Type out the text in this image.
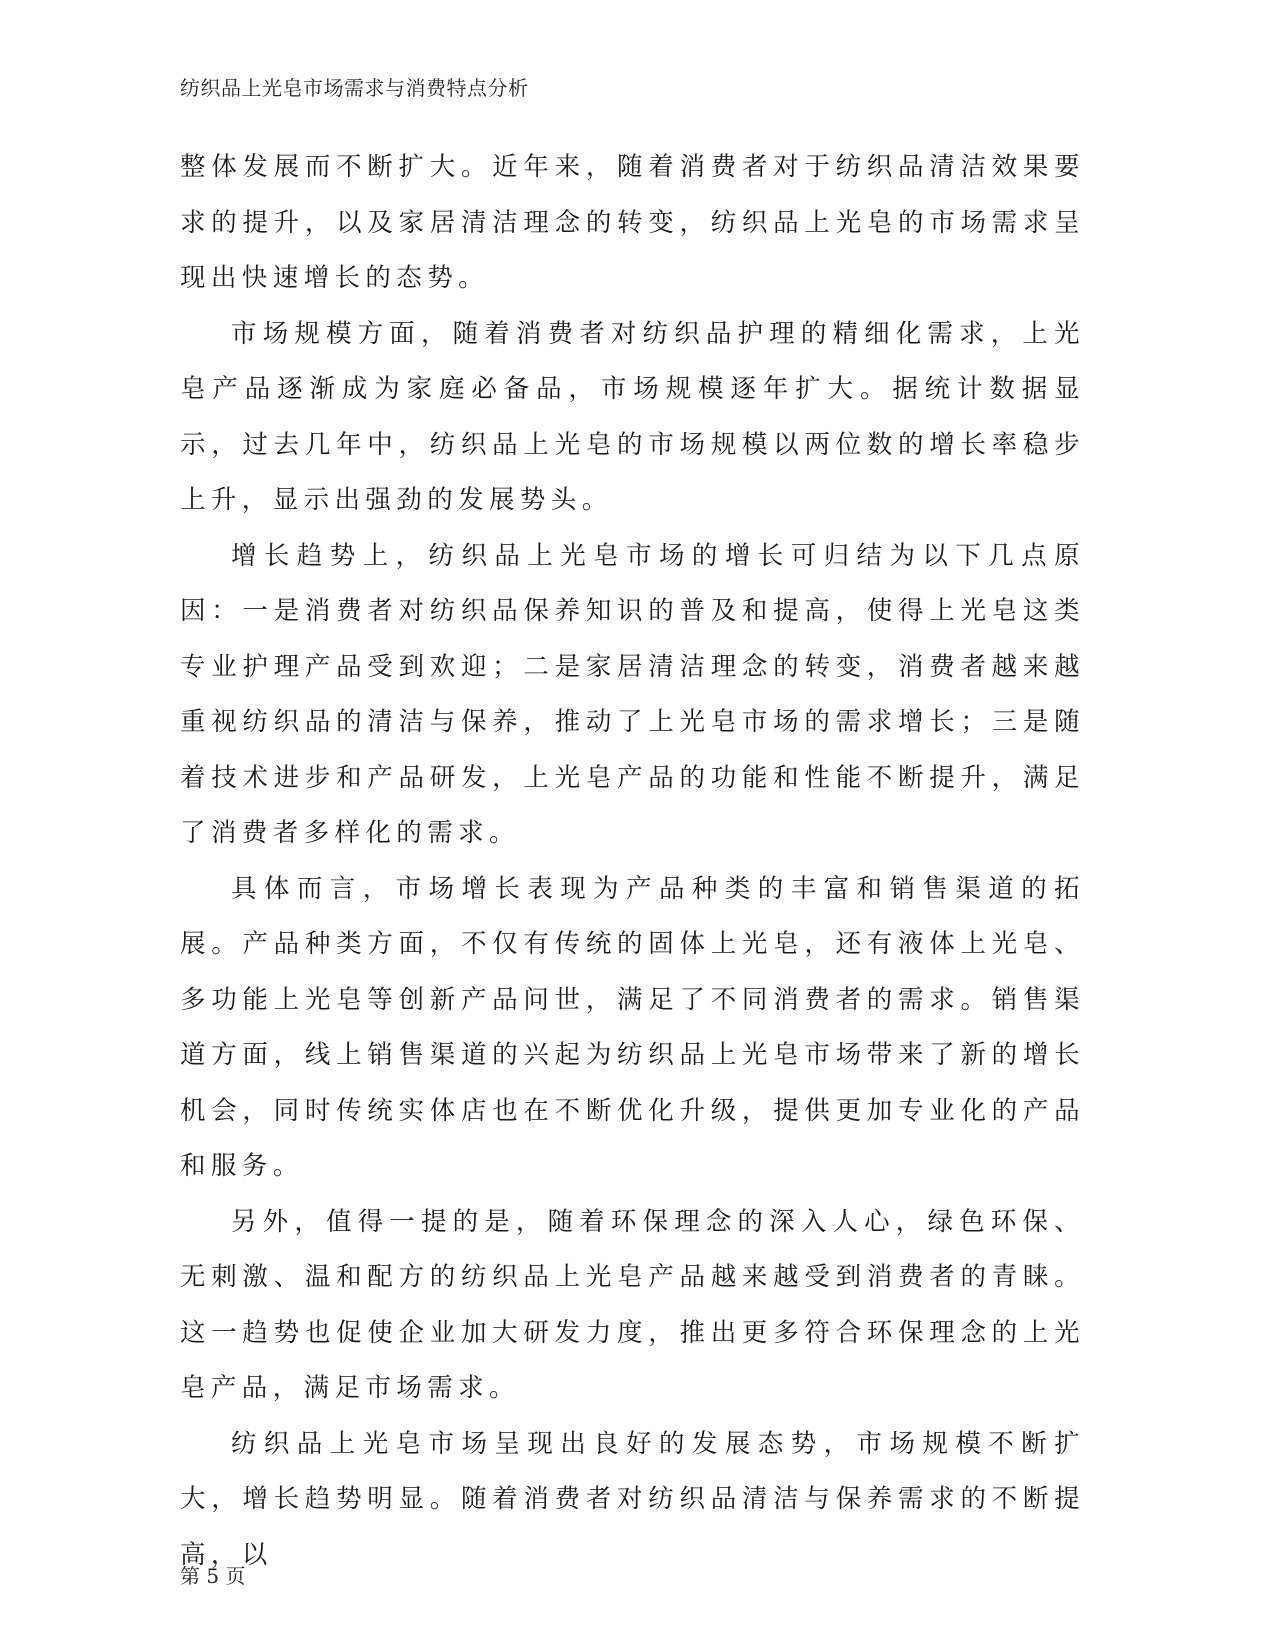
纺织品上光皂市场需求与消费特点分析

整体发展而不断扩大。近年来，随着消费者对于纺织品清洁效果要求的提升，以及家居清洁理念的转变，纺织品上光皂的市场需求呈现出快速增长的态势。

市场规模方面，随着消费者对纺织品护理的精细化需求，上光皂产品逐渐成为家庭必备品，市场规模逐年扩大。据统计数据显示，过去几年中，纺织品上光皂的市场规模以两位数的增长率稳步上升，显示出强劲的发展势头。

增长趋势上，纺织品上光皂市场的增长可归结为以下几点原因：一是消费者对纺织品保养知识的普及和提高，使得上光皂这类专业护理产品受到欢迎；二是家居清洁理念的转变，消费者越来越重视纺织品的清洁与保养，推动了上光皂市场的需求增长；三是随着技术进步和产品研发，上光皂产品的功能和性能不断提升，满足了消费者多样化的需求。

具体而言，市场增长表现为产品种类的丰富和销售渠道的拓展。产品种类方面，不仅有传统的固体上光皂，还有液体上光皂、多功能上光皂等创新产品问世，满足了不同消费者的需求。销售渠道方面，线上销售渠道的兴起为纺织品上光皂市场带来了新的增长机会，同时传统实体店也在不断优化升级，提供更加专业化的产品和服务。

另外，值得一提的是，随着环保理念的深入人心，绿色环保、无刺激、温和配方的纺织品上光皂产品越来越受到消费者的青睐。这一趋势也促使企业加大研发力度，推出更多符合环保理念的上光皂产品，满足市场需求。

纺织品上光皂市场呈现出良好的发展态势，市场规模不断扩大，增长趋势明显。随着消费者对纺织品清洁与保养需求的不断提高，以

第 5 页
